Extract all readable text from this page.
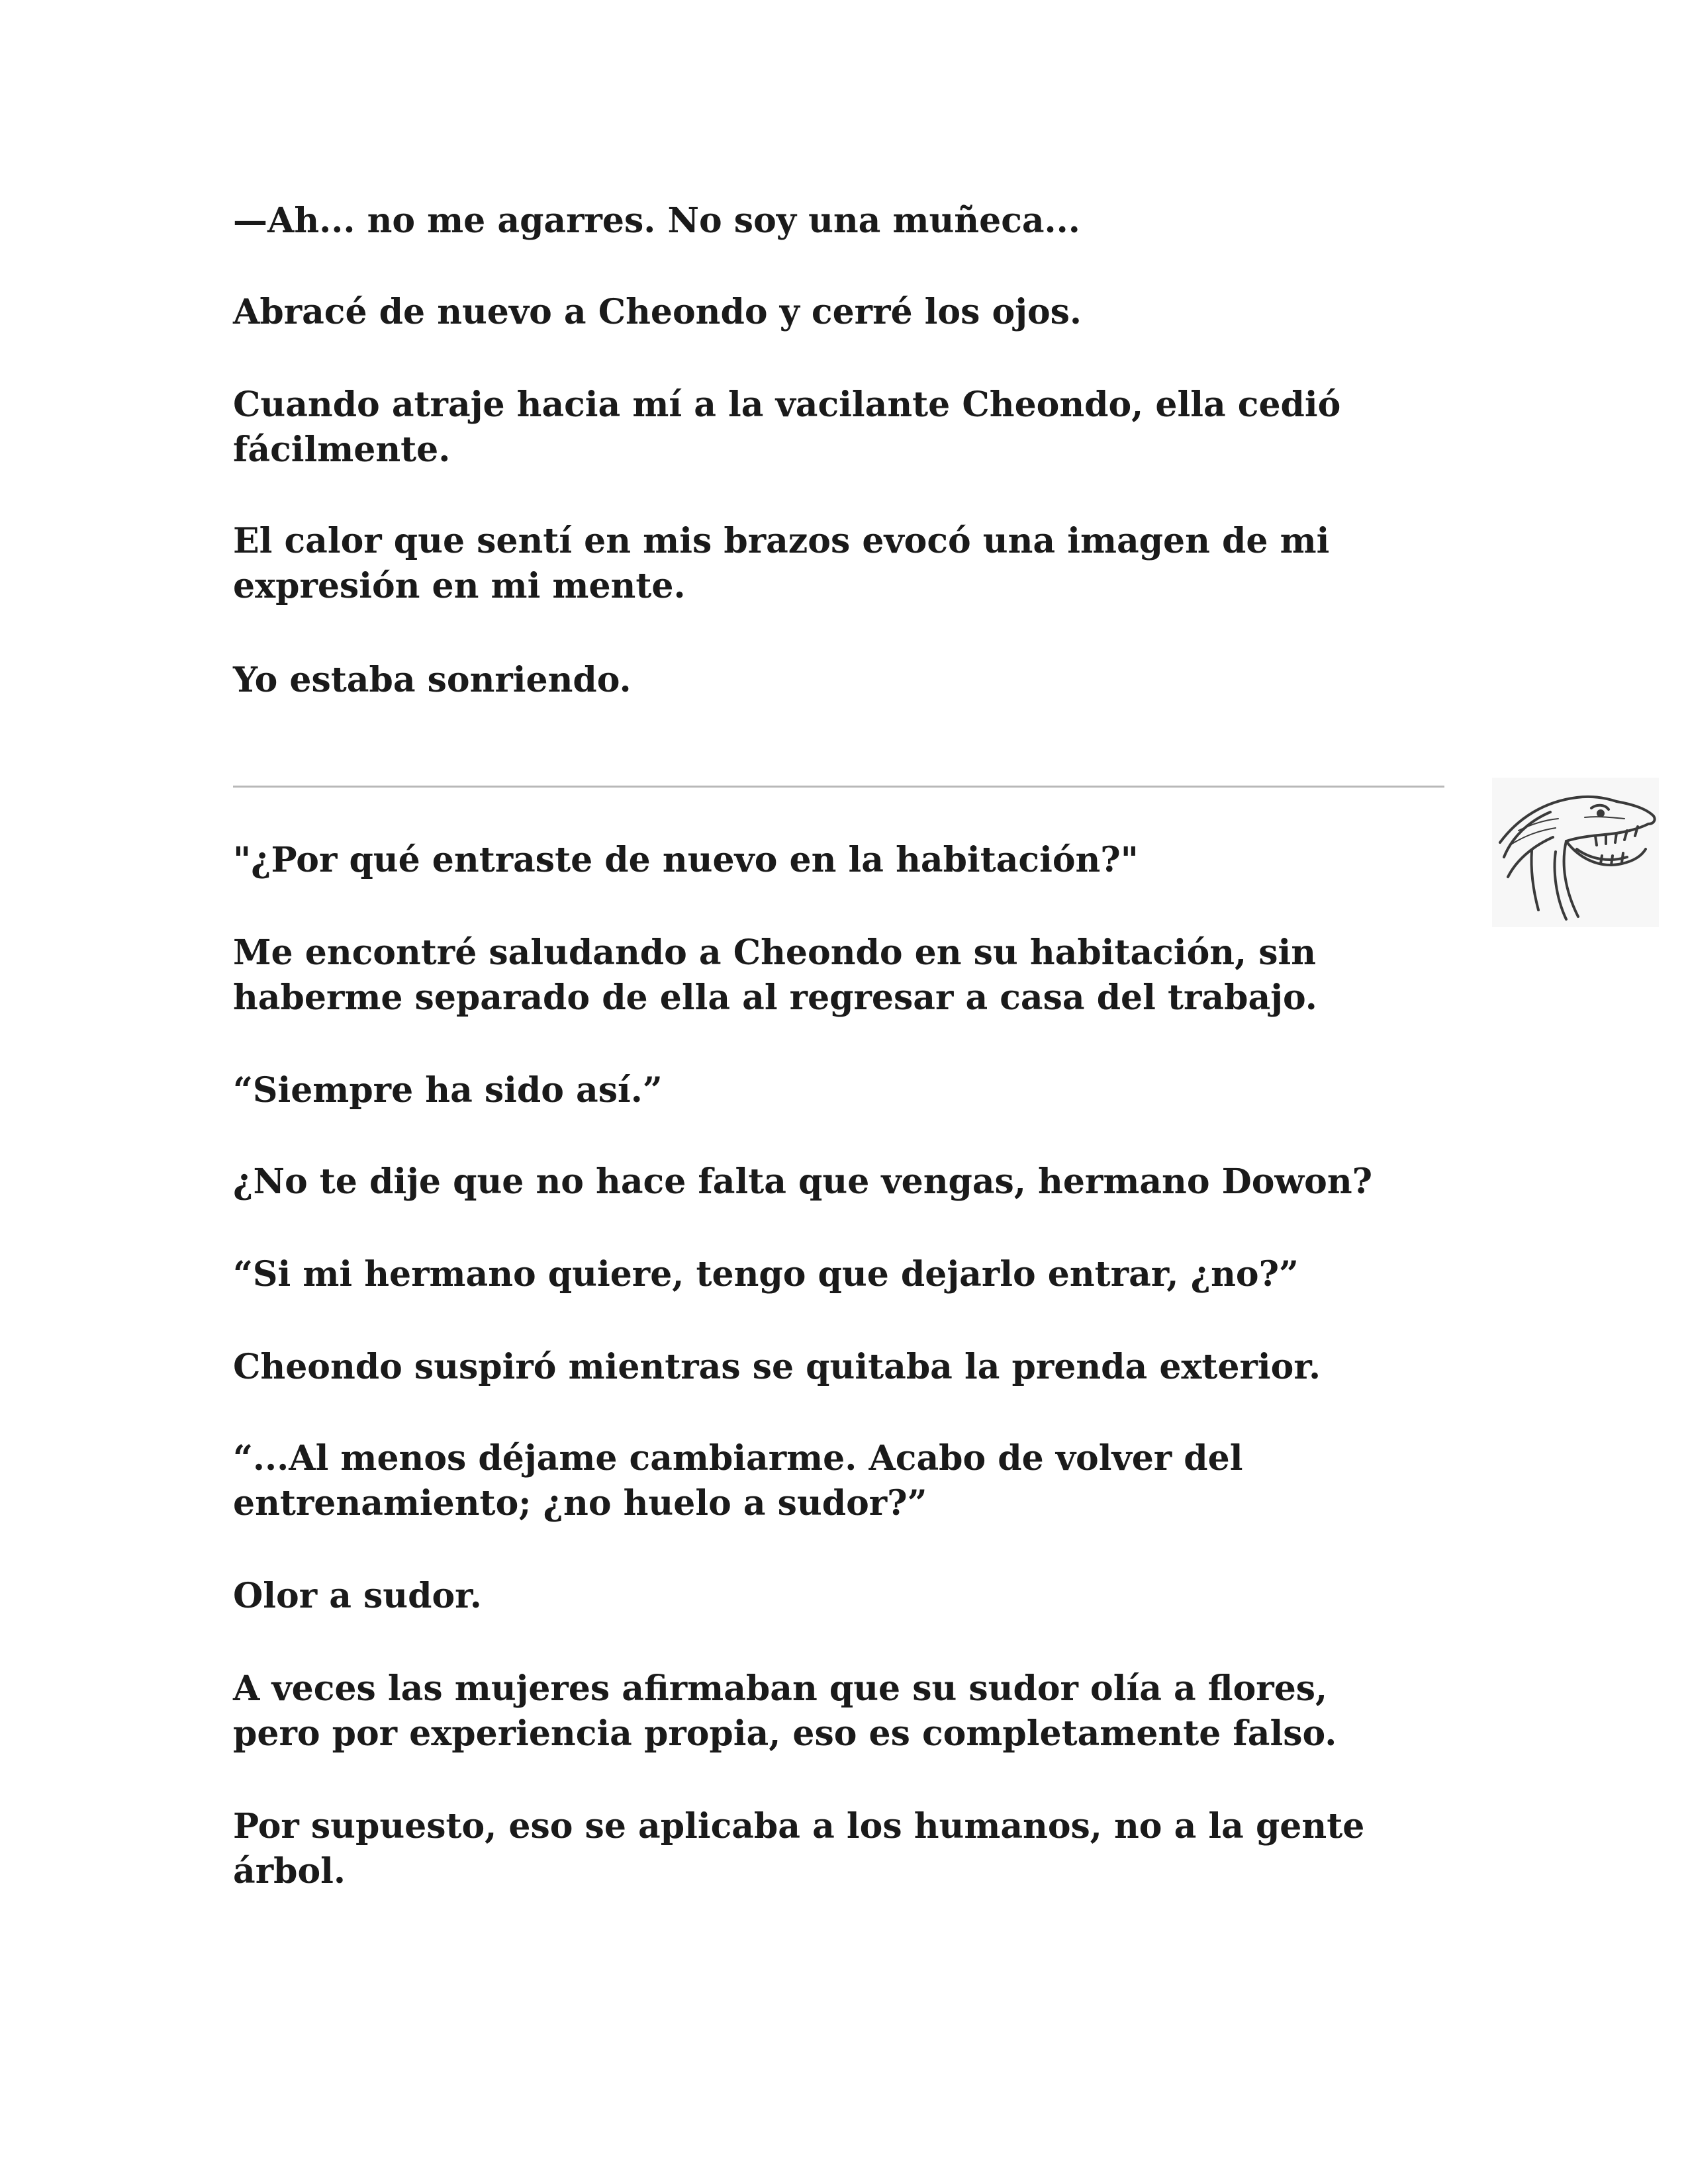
—Ah... no me agarres. No soy una muñeca...

Abracé de nuevo a Cheondo y cerré los ojos.

Cuando atraje hacia mí a la vacilante Cheondo, ella cedió
fácilmente.

El calor que sentí en mis brazos evocó una imagen de mi
expresión en mi mente.

Yo estaba sonriendo.

"¿Por qué entraste de nuevo en la habitación?"

Me encontré saludando a Cheondo en su habitación, sin
haberme separado de ella al regresar a casa del trabajo.

“Siempre ha sido así.”

¿No te dije que no hace falta que vengas, hermano Dowon?

“Si mi hermano quiere, tengo que dejarlo entrar, ¿no?”

Cheondo suspiró mientras se quitaba la prenda exterior.

“...Al menos déjame cambiarme. Acabo de volver del
entrenamiento; ¿no huelo a sudor?”

Olor a sudor.

A veces las mujeres afirmaban que su sudor olía a flores,
pero por experiencia propia, eso es completamente falso.

Por supuesto, eso se aplicaba a los humanos, no a la gente
árbol.
